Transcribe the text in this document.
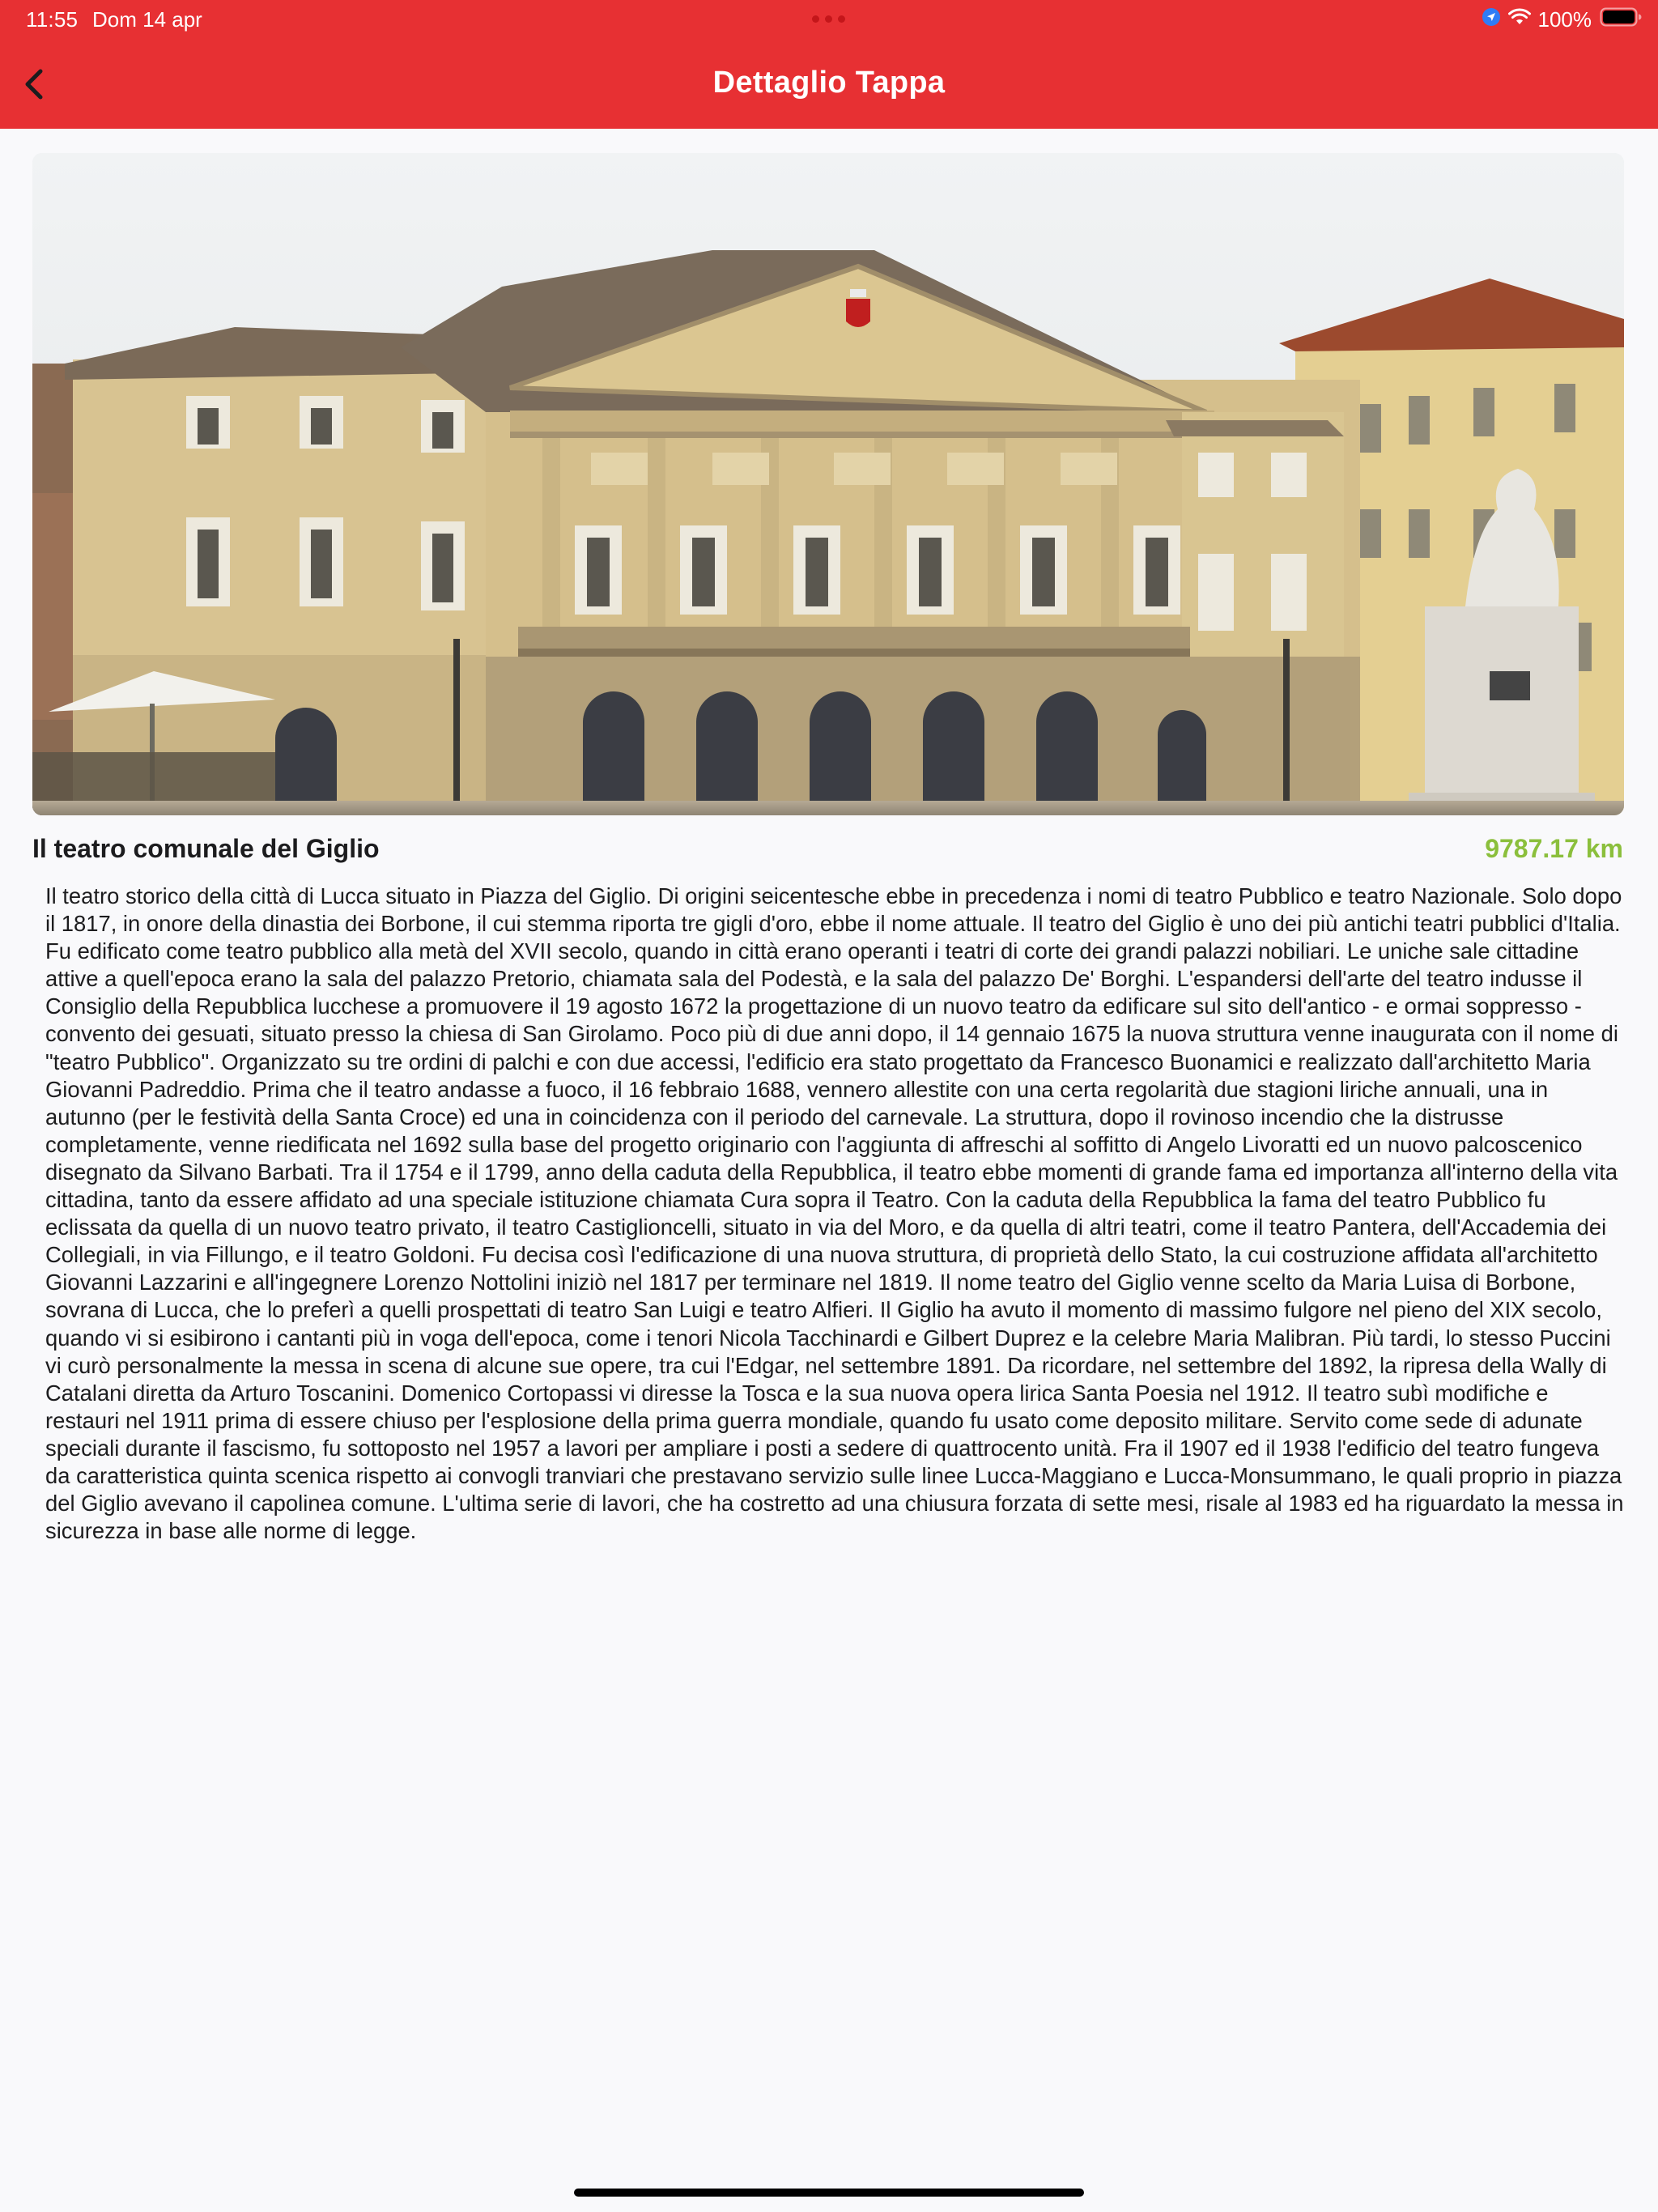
11:55 Dom 14 apr	100%
Dettaglio Tappa
Il teatro comunale del Giglio	9787.17 km

Il teatro storico della città di Lucca situato in Piazza del Giglio. Di origini seicentesche ebbe in precedenza i nomi di teatro Pubblico e teatro Nazionale. Solo dopo il 1817, in onore della dinastia dei Borbone, il cui stemma riporta tre gigli d'oro, ebbe il nome attuale. Il teatro del Giglio è uno dei più antichi teatri pubblici d'Italia. Fu edificato come teatro pubblico alla metà del XVII secolo, quando in città erano operanti i teatri di corte dei grandi palazzi nobiliari. Le uniche sale cittadine attive a quell'epoca erano la sala del palazzo Pretorio, chiamata sala del Podestà, e la sala del palazzo De' Borghi. L'espandersi dell'arte del teatro indusse il Consiglio della Repubblica lucchese a promuovere il 19 agosto 1672 la progettazione di un nuovo teatro da edificare sul sito dell'antico - e ormai soppresso - convento dei gesuati, situato presso la chiesa di San Girolamo. Poco più di due anni dopo, il 14 gennaio 1675 la nuova struttura venne inaugurata con il nome di "teatro Pubblico". Organizzato su tre ordini di palchi e con due accessi, l'edificio era stato progettato da Francesco Buonamici e realizzato dall'architetto Maria Giovanni Padreddio. Prima che il teatro andasse a fuoco, il 16 febbraio 1688, vennero allestite con una certa regolarità due stagioni liriche annuali, una in autunno (per le festività della Santa Croce) ed una in coincidenza con il periodo del carnevale. La struttura, dopo il rovinoso incendio che la distrusse completamente, venne riedificata nel 1692 sulla base del progetto originario con l'aggiunta di affreschi al soffitto di Angelo Livoratti ed un nuovo palcoscenico disegnato da Silvano Barbati. Tra il 1754 e il 1799, anno della caduta della Repubblica, il teatro ebbe momenti di grande fama ed importanza all'interno della vita cittadina, tanto da essere affidato ad una speciale istituzione chiamata Cura sopra il Teatro. Con la caduta della Repubblica la fama del teatro Pubblico fu eclissata da quella di un nuovo teatro privato, il teatro Castiglioncelli, situato in via del Moro, e da quella di altri teatri, come il teatro Pantera, dell'Accademia dei Collegiali, in via Fillungo, e il teatro Goldoni. Fu decisa così l'edificazione di una nuova struttura, di proprietà dello Stato, la cui costruzione affidata all'architetto Giovanni Lazzarini e all'ingegnere Lorenzo Nottolini iniziò nel 1817 per terminare nel 1819. Il nome teatro del Giglio venne scelto da Maria Luisa di Borbone, sovrana di Lucca, che lo preferì a quelli prospettati di teatro San Luigi e teatro Alfieri. Il Giglio ha avuto il momento di massimo fulgore nel pieno del XIX secolo, quando vi si esibirono i cantanti più in voga dell'epoca, come i tenori Nicola Tacchinardi e Gilbert Duprez e la celebre Maria Malibran. Più tardi, lo stesso Puccini vi curò personalmente la messa in scena di alcune sue opere, tra cui l'Edgar, nel settembre 1891. Da ricordare, nel settembre del 1892, la ripresa della Wally di Catalani diretta da Arturo Toscanini. Domenico Cortopassi vi diresse la Tosca e la sua nuova opera lirica Santa Poesia nel 1912. Il teatro subì modifiche e restauri nel 1911 prima di essere chiuso per l'esplosione della prima guerra mondiale, quando fu usato come deposito militare. Servito come sede di adunate speciali durante il fascismo, fu sottoposto nel 1957 a lavori per ampliare i posti a sedere di quattrocento unità. Fra il 1907 ed il 1938 l'edificio del teatro fungeva da caratteristica quinta scenica rispetto ai convogli tranviari che prestavano servizio sulle linee Lucca-Maggiano e Lucca-Monsummano, le quali proprio in piazza del Giglio avevano il capolinea comune. L'ultima serie di lavori, che ha costretto ad una chiusura forzata di sette mesi, risale al 1983 ed ha riguardato la messa in sicurezza in base alle norme di legge.
